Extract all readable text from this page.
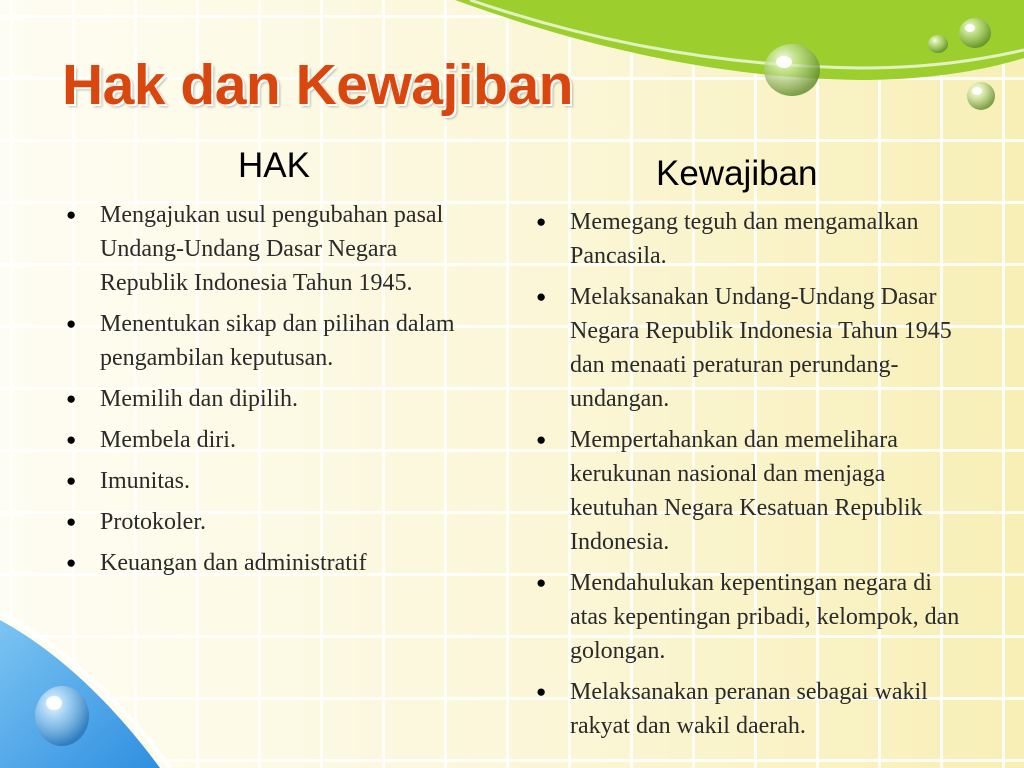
Hak dan Kewajiban
HAK	Kewajiban
● Mengajukan usul pengubahan pasal Undang-Undang Dasar Negara Republik Indonesia Tahun 1945.
● Menentukan sikap dan pilihan dalam pengambilan keputusan.
● Memilih dan dipilih.
● Membela diri.
● Imunitas.
● Protokoler.
● Keuangan dan administratif
● Memegang teguh dan mengamalkan Pancasila.
● Melaksanakan Undang-Undang Dasar Negara Republik Indonesia Tahun 1945 dan menaati peraturan perundang-undangan.
● Mempertahankan dan memelihara kerukunan nasional dan menjaga keutuhan Negara Kesatuan Republik Indonesia.
● Mendahulukan kepentingan negara di atas kepentingan pribadi, kelompok, dan golongan.
● Melaksanakan peranan sebagai wakil rakyat dan wakil daerah.
